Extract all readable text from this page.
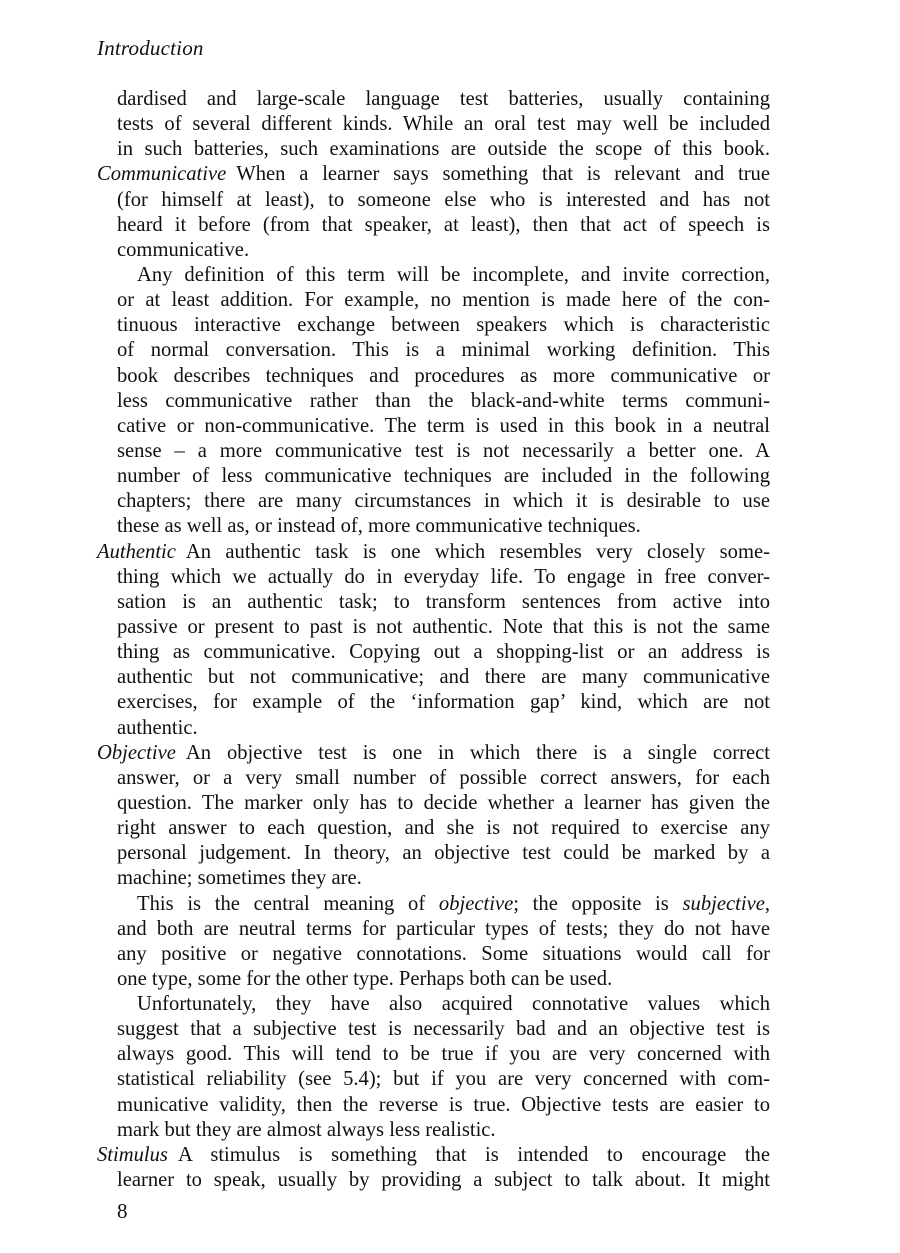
Introduction
dardised and large-scale language test batteries, usually containing
tests of several different kinds. While an oral test may well be included
in such batteries, such examinations are outside the scope of this book.
Communicative When a learner says something that is relevant and true
(for himself at least), to someone else who is interested and has not
heard it before (from that speaker, at least), then that act of speech is
communicative.
Any definition of this term will be incomplete, and invite correction,
or at least addition. For example, no mention is made here of the con-
tinuous interactive exchange between speakers which is characteristic
of normal conversation. This is a minimal working definition. This
book describes techniques and procedures as more communicative or
less communicative rather than the black-and-white terms communi-
cative or non-communicative. The term is used in this book in a neutral
sense – a more communicative test is not necessarily a better one. A
number of less communicative techniques are included in the following
chapters; there are many circumstances in which it is desirable to use
these as well as, or instead of, more communicative techniques.
Authentic An authentic task is one which resembles very closely some-
thing which we actually do in everyday life. To engage in free conver-
sation is an authentic task; to transform sentences from active into
passive or present to past is not authentic. Note that this is not the same
thing as communicative. Copying out a shopping-list or an address is
authentic but not communicative; and there are many communicative
exercises, for example of the ‘information gap’ kind, which are not
authentic.
Objective An objective test is one in which there is a single correct
answer, or a very small number of possible correct answers, for each
question. The marker only has to decide whether a learner has given the
right answer to each question, and she is not required to exercise any
personal judgement. In theory, an objective test could be marked by a
machine; sometimes they are.
This is the central meaning of objective; the opposite is subjective,
and both are neutral terms for particular types of tests; they do not have
any positive or negative connotations. Some situations would call for
one type, some for the other type. Perhaps both can be used.
Unfortunately, they have also acquired connotative values which
suggest that a subjective test is necessarily bad and an objective test is
always good. This will tend to be true if you are very concerned with
statistical reliability (see 5.4); but if you are very concerned with com-
municative validity, then the reverse is true. Objective tests are easier to
mark but they are almost always less realistic.
Stimulus A stimulus is something that is intended to encourage the
learner to speak, usually by providing a subject to talk about. It might
8
